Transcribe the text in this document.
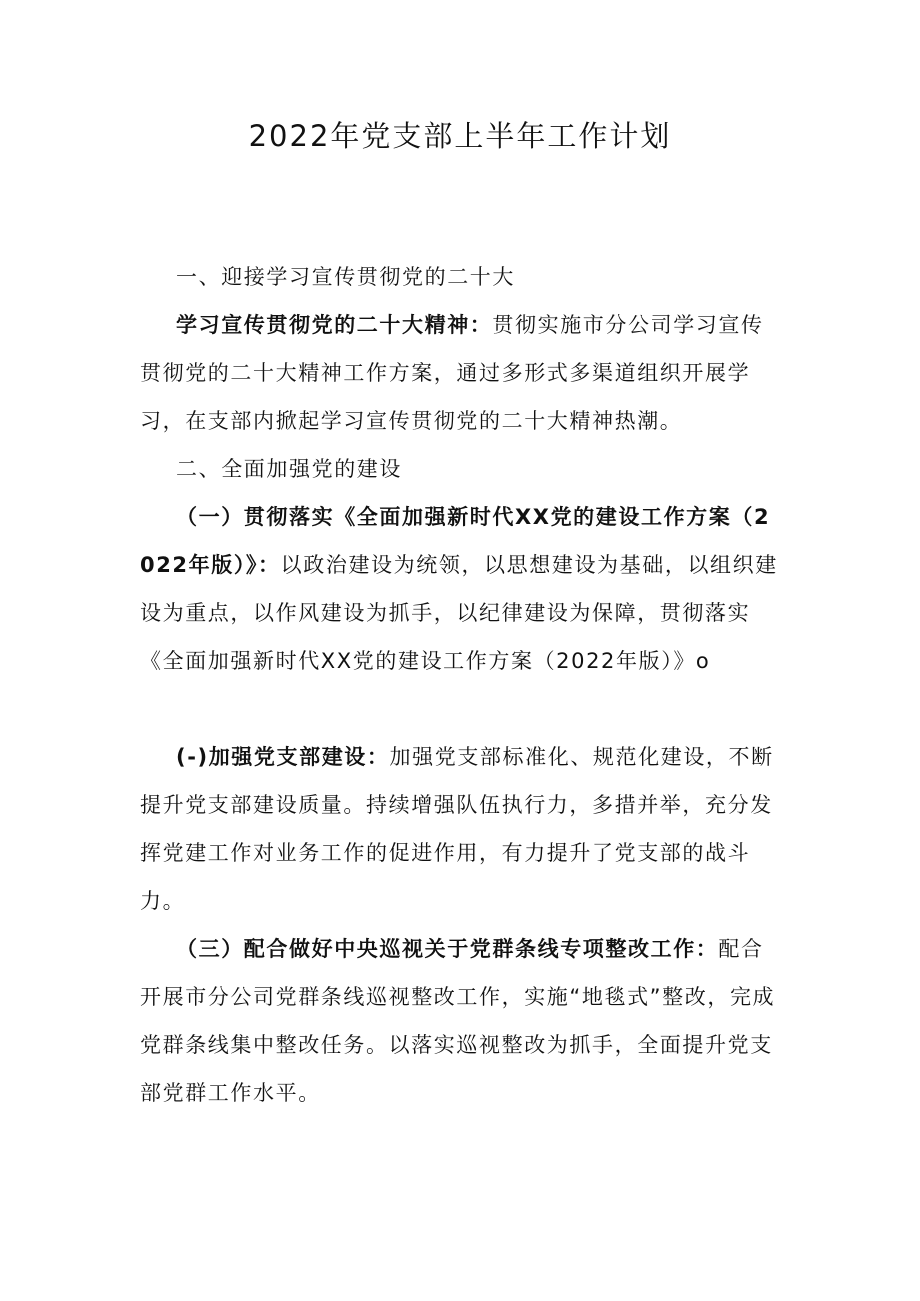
2022年党支部上半年工作计划

一、迎接学习宣传贯彻党的二十大

学习宣传贯彻党的二十大精神：贯彻实施市分公司学习宣传贯彻党的二十大精神工作方案，通过多形式多渠道组织开展学习，在支部内掀起学习宣传贯彻党的二十大精神热潮。

二、全面加强党的建设

（一）贯彻落实《全面加强新时代XX党的建设工作方案（2022年版）》：以政治建设为统领，以思想建设为基础，以组织建设为重点，以作风建设为抓手，以纪律建设为保障，贯彻落实《全面加强新时代XX党的建设工作方案（2022年版）》o

(-)加强党支部建设：加强党支部标准化、规范化建设，不断提升党支部建设质量。持续增强队伍执行力，多措并举，充分发挥党建工作对业务工作的促进作用，有力提升了党支部的战斗力。

（三）配合做好中央巡视关于党群条线专项整改工作：配合开展市分公司党群条线巡视整改工作，实施“地毯式”整改，完成党群条线集中整改任务。以落实巡视整改为抓手，全面提升党支部党群工作水平。
